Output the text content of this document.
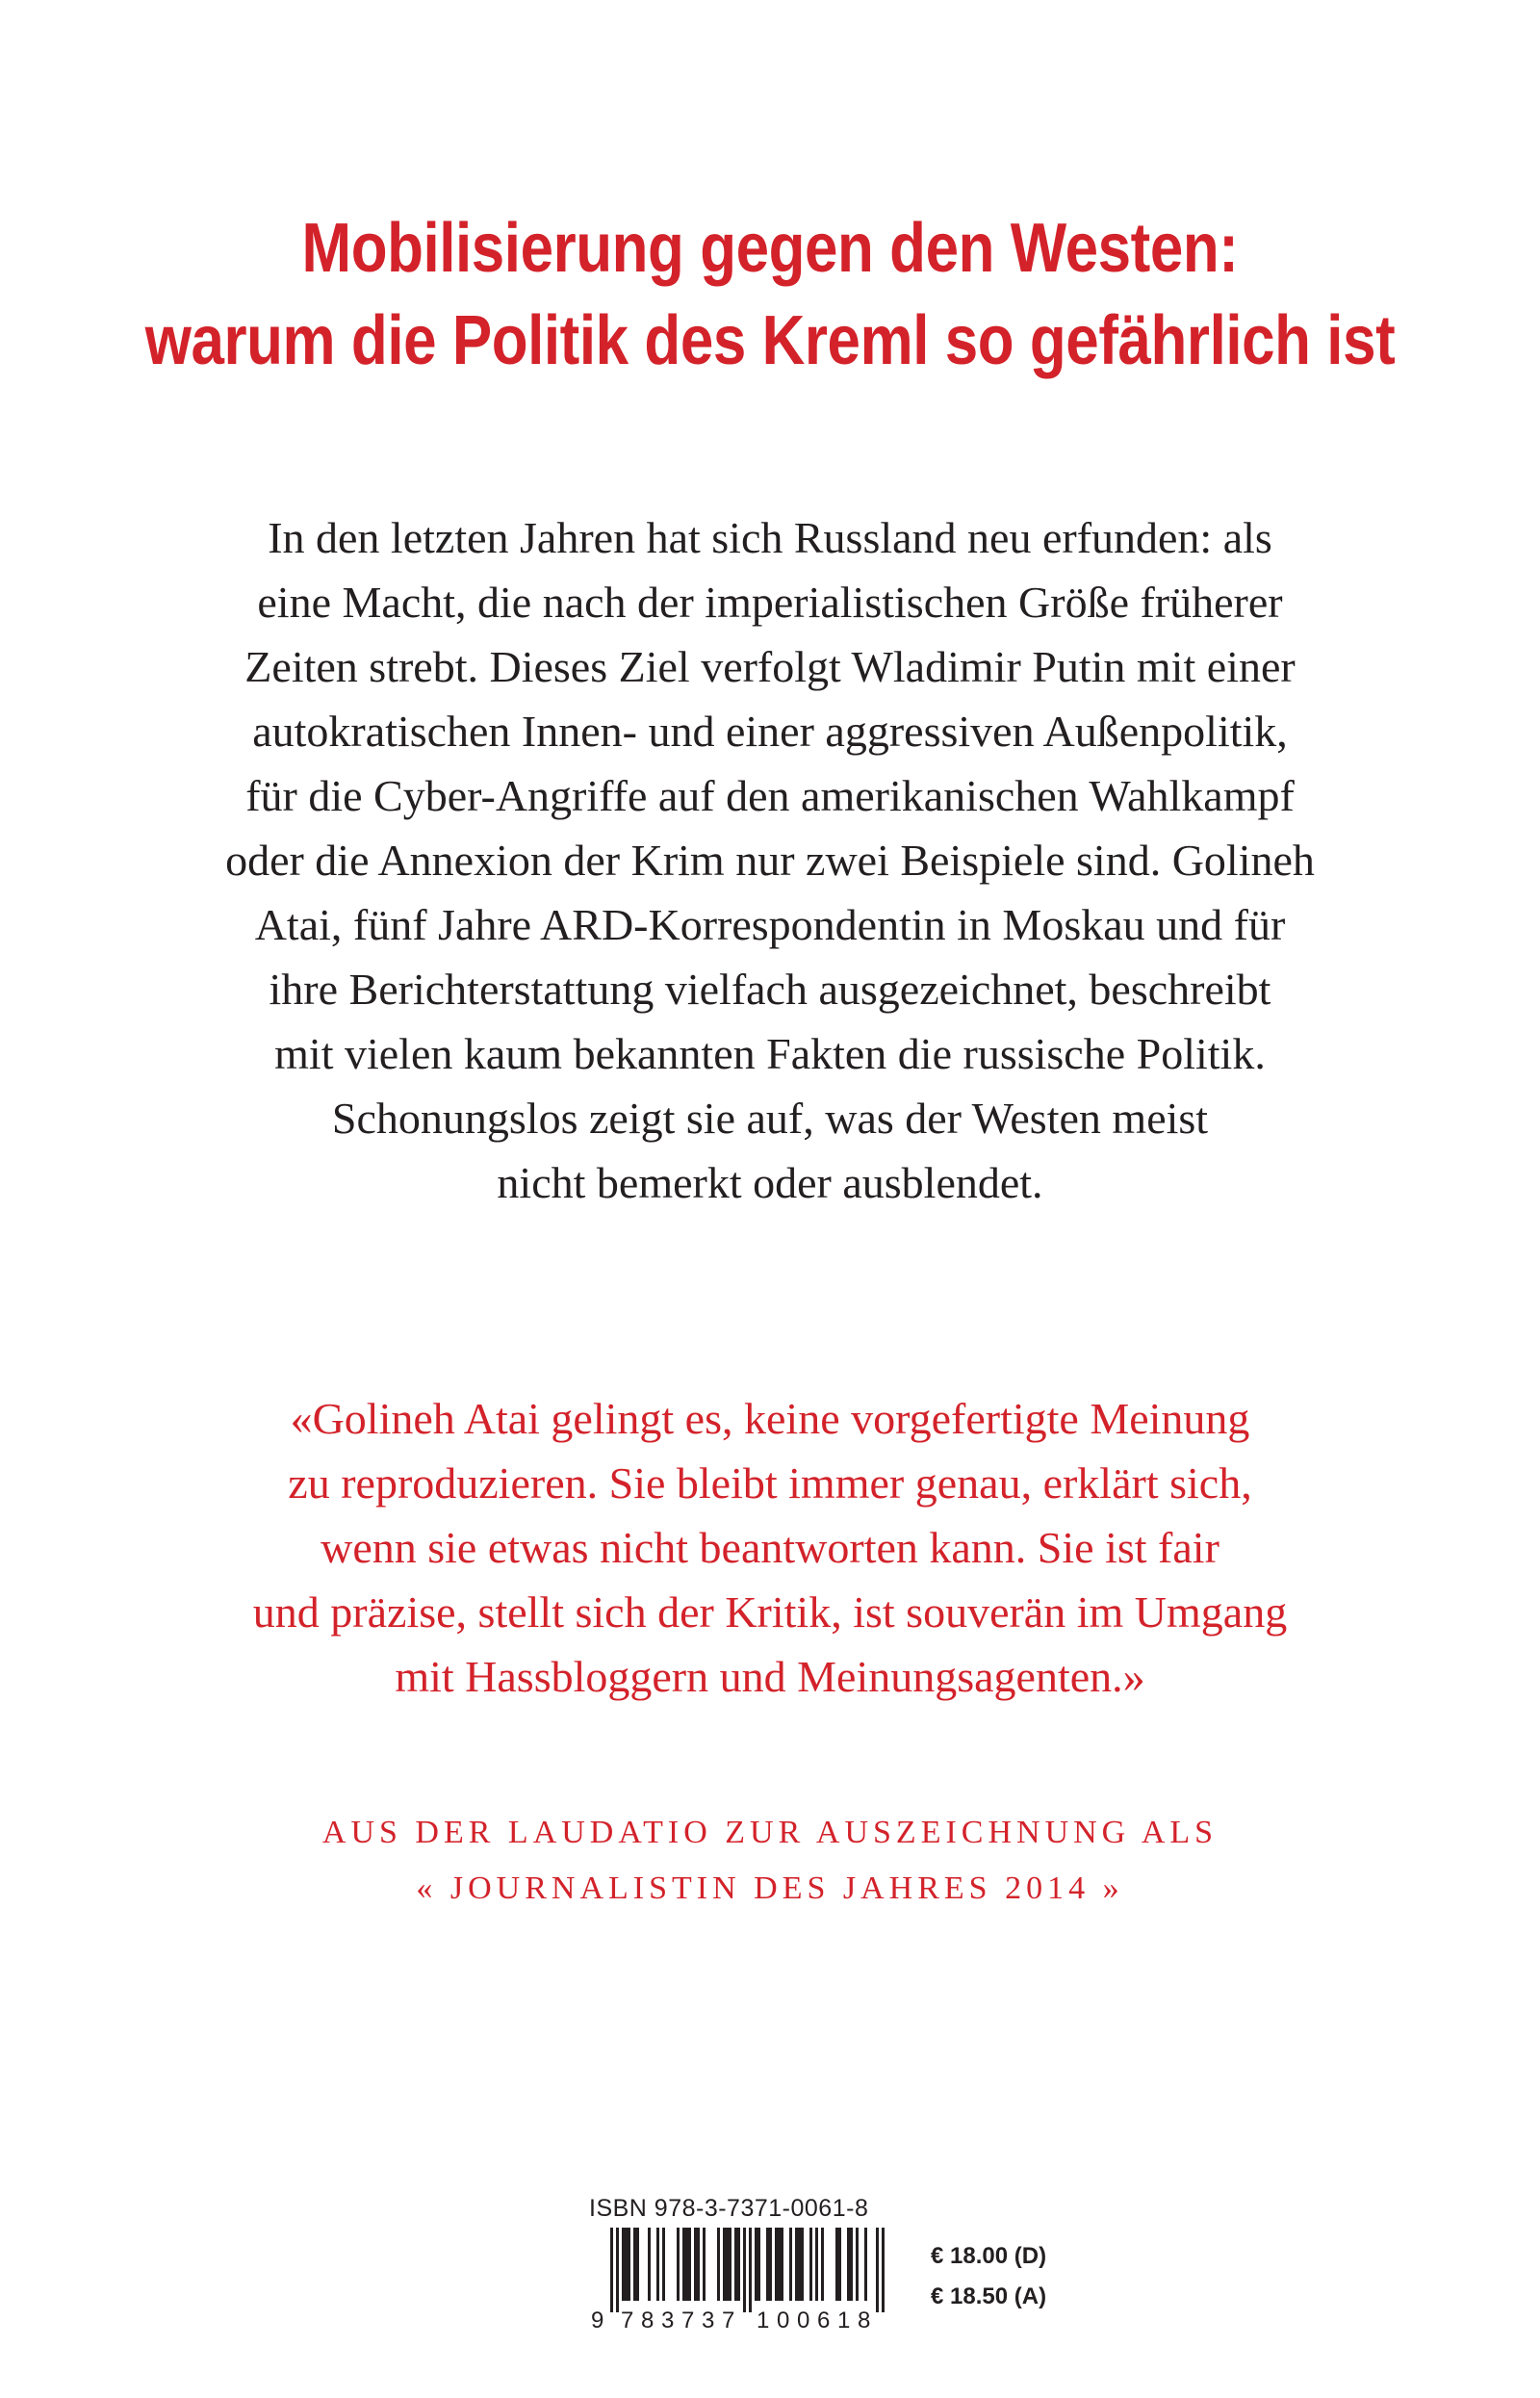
Mobilisierung gegen den Westen:
warum die Politik des Kreml so gefährlich ist
In den letzten Jahren hat sich Russland neu erfunden: als
eine Macht, die nach der imperialistischen Größe früherer
Zeiten strebt. Dieses Ziel verfolgt Wladimir Putin mit einer
autokratischen Innen- und einer aggressiven Außenpolitik,
für die Cyber-Angriffe auf den amerikanischen Wahlkampf
oder die Annexion der Krim nur zwei Beispiele sind. Golineh
Atai, fünf Jahre ARD-Korrespondentin in Moskau und für
ihre Berichterstattung vielfach ausgezeichnet, beschreibt
mit vielen kaum bekannten Fakten die russische Politik.
Schonungslos zeigt sie auf, was der Westen meist
nicht bemerkt oder ausblendet.
«Golineh Atai gelingt es, keine vorgefertigte Meinung
zu reproduzieren. Sie bleibt immer genau, erklärt sich,
wenn sie etwas nicht beantworten kann. Sie ist fair
und präzise, stellt sich der Kritik, ist souverän im Umgang
mit Hassbloggern und Meinungsagenten.»
AUS DER LAUDATIO ZUR AUSZEICHNUNG ALS
« JOURNALISTIN DES JAHRES 2014 »
ISBN 978-3-7371-0061-8
9 7 8 3 7 3 7 1 0 0 6 1 8
€ 18.00 (D)
€ 18.50 (A)
